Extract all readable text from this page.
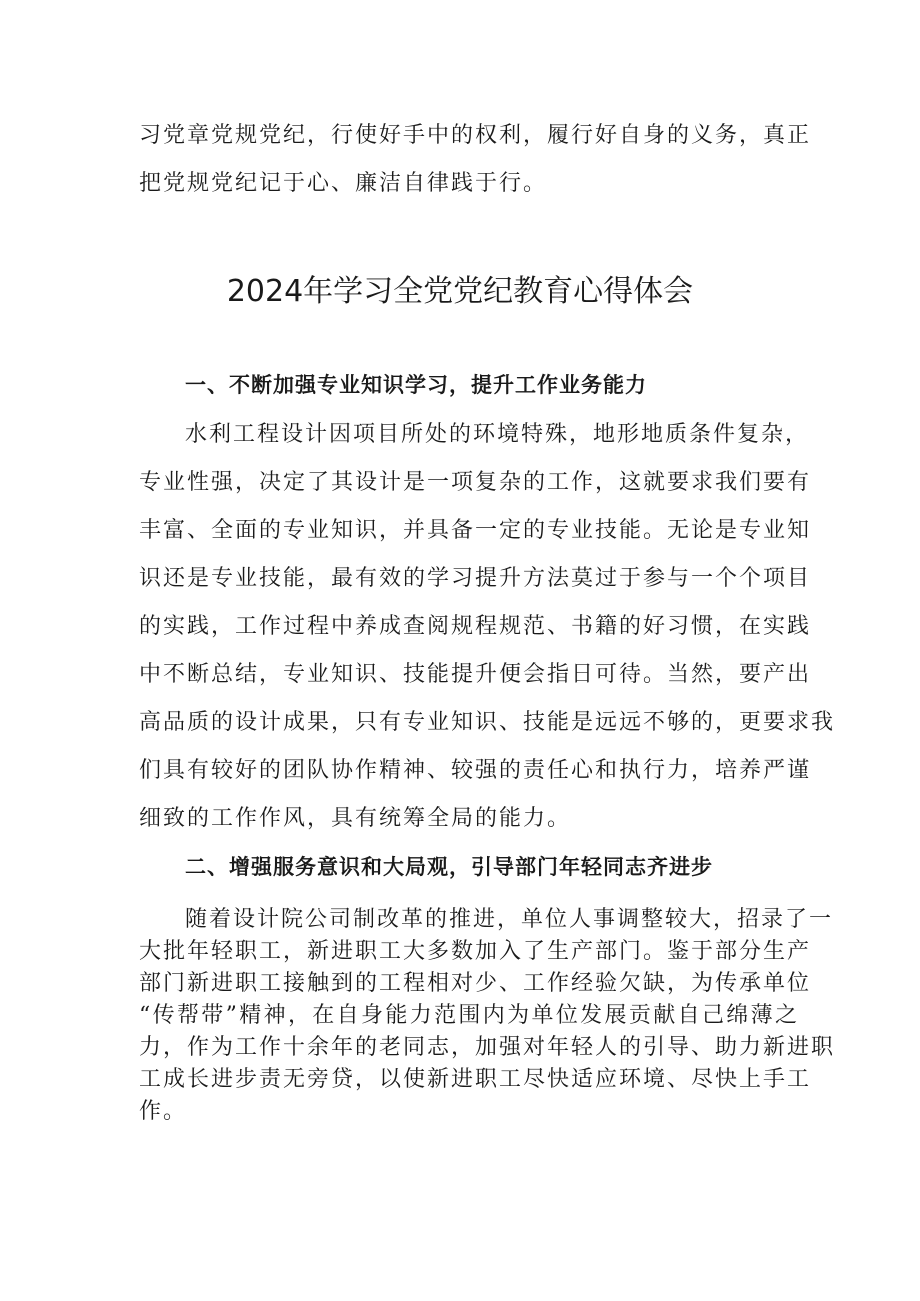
习党章党规党纪，行使好手中的权利，履行好自身的义务，真正
把党规党纪记于心、廉洁自律践于行。
2024年学习全党党纪教育心得体会
一、不断加强专业知识学习，提升工作业务能力
水利工程设计因项目所处的环境特殊，地形地质条件复杂，
专业性强，决定了其设计是一项复杂的工作，这就要求我们要有
丰富、全面的专业知识，并具备一定的专业技能。无论是专业知
识还是专业技能，最有效的学习提升方法莫过于参与一个个项目
的实践，工作过程中养成查阅规程规范、书籍的好习惯，在实践
中不断总结，专业知识、技能提升便会指日可待。当然，要产出
高品质的设计成果，只有专业知识、技能是远远不够的，更要求我
们具有较好的团队协作精神、较强的责任心和执行力，培养严谨
细致的工作作风，具有统筹全局的能力。
二、增强服务意识和大局观，引导部门年轻同志齐进步
随着设计院公司制改革的推进，单位人事调整较大，招录了一
大批年轻职工，新进职工大多数加入了生产部门。鉴于部分生产
部门新进职工接触到的工程相对少、工作经验欠缺，为传承单位
“传帮带”精神，在自身能力范围内为单位发展贡献自己绵薄之
力，作为工作十余年的老同志，加强对年轻人的引导、助力新进职
工成长进步责无旁贷，以使新进职工尽快适应环境、尽快上手工
作。
